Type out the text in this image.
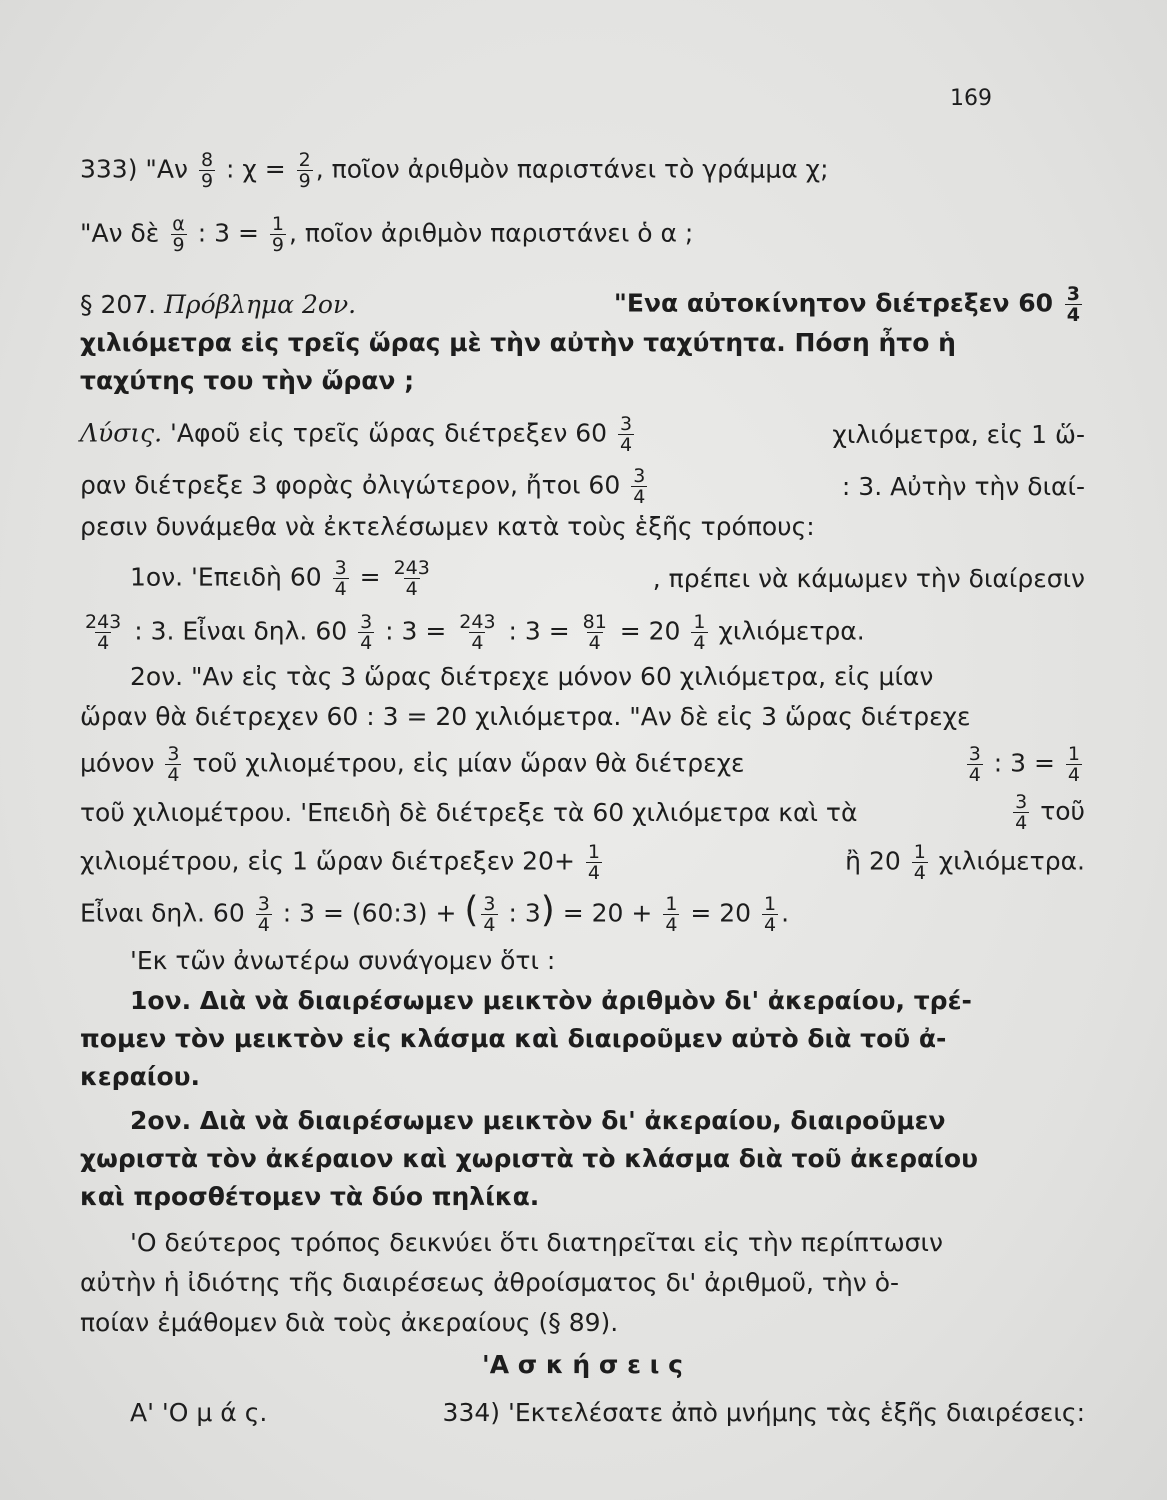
169
333) "$A\nu \frac{8}{9}$ : $\chi = \frac{2}{9}$ , ποῖον ἀριθμὸν παριστάνει τὸ γράμμα χ;
"Αν δὲ $\frac{\alpha}{9}$ : $3 = \frac{1}{9}$ , ποῖον ἀριθμὸν παριστάνει ὁ α ;
§ 207. Πρόβλημα 2ον.	"Ενα αὐτοκίνητον διέτρεξεν $60 \frac{3}{4}$
χιλιόμετρα εἰς τρεῖς ὥρας μὲ τὴν αὐτὴν ταχύτητα. Πόση ἦτο ἡ
ταχύτης του τὴν ὥραν ;
Λύσις. 'Αφοῦ εἰς τρεῖς ὥρας διέτρεξεν $60 \frac{3}{4}$	χιλιόμετρα, εἰς 1 ὥ-
ραν διέτρεξε 3 φορὰς ὀλιγώτερον, ἤτοι $60 \frac{3}{4}$	: 3. Αὐτὴν τὴν διαί-
ρεσιν δυνάμεθα νὰ ἐκτελέσωμεν κατὰ τοὺς ἑξῆς τρόπους:
1ον. 'Επειδὴ $60 \frac{3}{4} = \frac{243}{4}$	, πρέπει νὰ κάμωμεν τὴν διαίρεσιν
$\frac{243}{4}$ : 3. Εἶναι δηλ. $60 \frac{3}{4}$ : $3 = \frac{243}{4}$ : $3 = \frac{81}{4} = 20 \frac{1}{4} \chi\iota\lambda\iota ό\mu\varepsilon\tau\rho\alpha$.
2ον. "Αν εἰς τὰς 3 ὥρας διέτρεχε μόνον 60 χιλιόμετρα, εἰς μίαν
ὥραν θὰ διέτρεχεν 60 : 3 = 20 χιλιόμετρα. "Αν δὲ εἰς 3 ὥρας διέτρεχε
μόνον $\frac{3}{4}$ τοῦ χιλιομέτρου, εἰς μίαν ὥραν θὰ διέτρεχε	$\frac{3}{4}$ : $3 = \frac{1}{4}$
τοῦ χιλιομέτρου. 'Επειδὴ δὲ διέτρεξε τὰ 60 χιλιόμετρα καὶ τὰ	$\frac{3}{4}$ τοῦ
χιλιομέτρου, εἰς 1 ὥραν διέτρεξεν $20+ \frac{1}{4}$	ἢ $20 \frac{1}{4} \chi\iota\lambda\iota ό\mu\varepsilon\tau\rho\alpha$.
Εἶναι δηλ. $60 \frac{3}{4}$ : 3 = (60:3) + ( $\frac{3}{4}$ : $3) = 20 + \frac{1}{4} = 20 \frac{1}{4}$ .
'Εκ τῶν ἀνωτέρω συνάγομεν ὅτι :
1ον. Διὰ νὰ διαιρέσωμεν μεικτὸν ἀριθμὸν δι' ἀκεραίου, τρέ-
πομεν τὸν μεικτὸν εἰς κλάσμα καὶ διαιροῦμεν αὐτὸ διὰ τοῦ ἀ-
κεραίου.
2ον. Διὰ νὰ διαιρέσωμεν μεικτὸν δι' ἀκεραίου, διαιροῦμεν
χωριστὰ τὸν ἀκέραιον καὶ χωριστὰ τὸ κλάσμα διὰ τοῦ ἀκεραίου
καὶ προσθέτομεν τὰ δύο πηλίκα.
'Ο δεύτερος τρόπος δεικνύει ὅτι διατηρεῖται εἰς τὴν περίπτωσιν
αὐτὴν ἡ ἰδιότης τῆς διαιρέσεως ἀθροίσματος δι' ἀριθμοῦ, τὴν ὁ-
ποίαν ἐμάθομεν διὰ τοὺς ἀκεραίους (§ 89).
'Α σ κ ή σ ε ι ς
Α' 'Ο μ ά ς.	334) 'Εκτελέσατε ἀπὸ μνήμης τὰς ἑξῆς διαιρέσεις:
